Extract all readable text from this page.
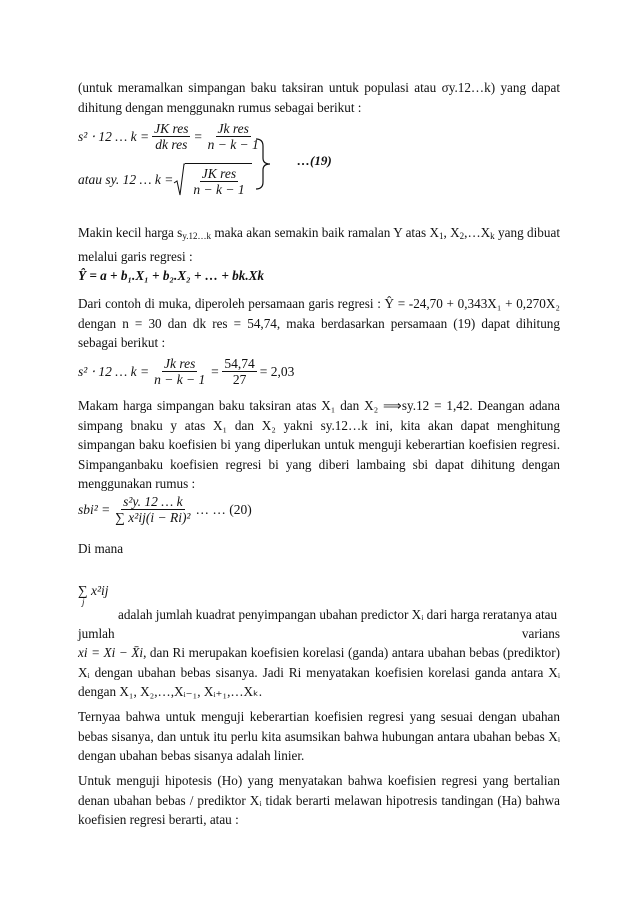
(untuk meramalkan simpangan baku taksiran untuk populasi atau σy.12…k) yang dapat dihitung dengan menggunakn rumus sebagai berikut :

s² ⋅ 12 … $k = \frac{\text{JK res}}{\text{dk res}} = \frac{\text{Jk res}}{n - k - 1}$
atau sy. 12 … $k = \frac{\text{JK res}}{n - k - 1}$
…(19)

Makin kecil harga $s_{y.12\dots k}$ maka akan semakin baik ramalan Y atas $X_1$, $X_2,\dots X_k$ yang dibuat melalui garis regresi :

Ŷ = a + b₁.X₁ + b₂.X₂ + … + bk.Xk

Dari contoh di muka, diperoleh persamaan garis regresi : Ŷ = -24,70 + 0,343X₁ + 0,270X₂ dengan n = 30 dan dk res = 54,74, maka berdasarkan persamaan (19) dapat dihitung sebagai berikut :

s² ⋅ 12 … $k = \frac{\text{Jk res}}{n - k - 1} = \frac{54,74}{27} = 2,03$

Makam harga simpangan baku taksiran atas X₁ dan X₂ ⟹sy.12 = 1,42. Deangan adana simpang bnaku y atas X₁ dan X₂ yakni sy.12…k ini, kita akan dapat menghitung simpangan baku koefisien bi yang diperlukan untuk menguji keberartian koefisien regresi. Simpanganbaku koefisien regresi bi yang diberi lambaing sbi dapat dihitung dengan menggunakan rumus :

$sbi^2 = \frac{\text{s²y. 12 … k}}{\text{∑ x²ij(i − Ri)²}}$ … … (20)

Di mana

∑ x²ij
j

adalah jumlah kuadrat penyimpangan ubahan predictor Xᵢ dari harga reratanya atau

jumlah	varians

xi = Xi − X̄i, dan Ri merupakan koefisien korelasi (ganda) antara ubahan bebas (prediktor) Xᵢ dengan ubahan bebas sisanya. Jadi Ri menyatakan koefisien korelasi ganda antara Xᵢ dengan X₁, X₂,…,Xᵢ₋₁, Xᵢ₊₁,…Xₖ.

Ternyaa bahwa untuk menguji keberartian koefisien regresi yang sesuai dengan ubahan bebas sisanya, dan untuk itu perlu kita asumsikan bahwa hubungan antara ubahan bebas Xᵢ dengan ubahan bebas sisanya adalah linier.

Untuk menguji hipotesis (Ho) yang menyatakan bahwa koefisien regresi yang bertalian denan ubahan bebas / prediktor Xᵢ tidak berarti melawan hipotresis tandingan (Ha) bahwa koefisien regresi berarti, atau :
